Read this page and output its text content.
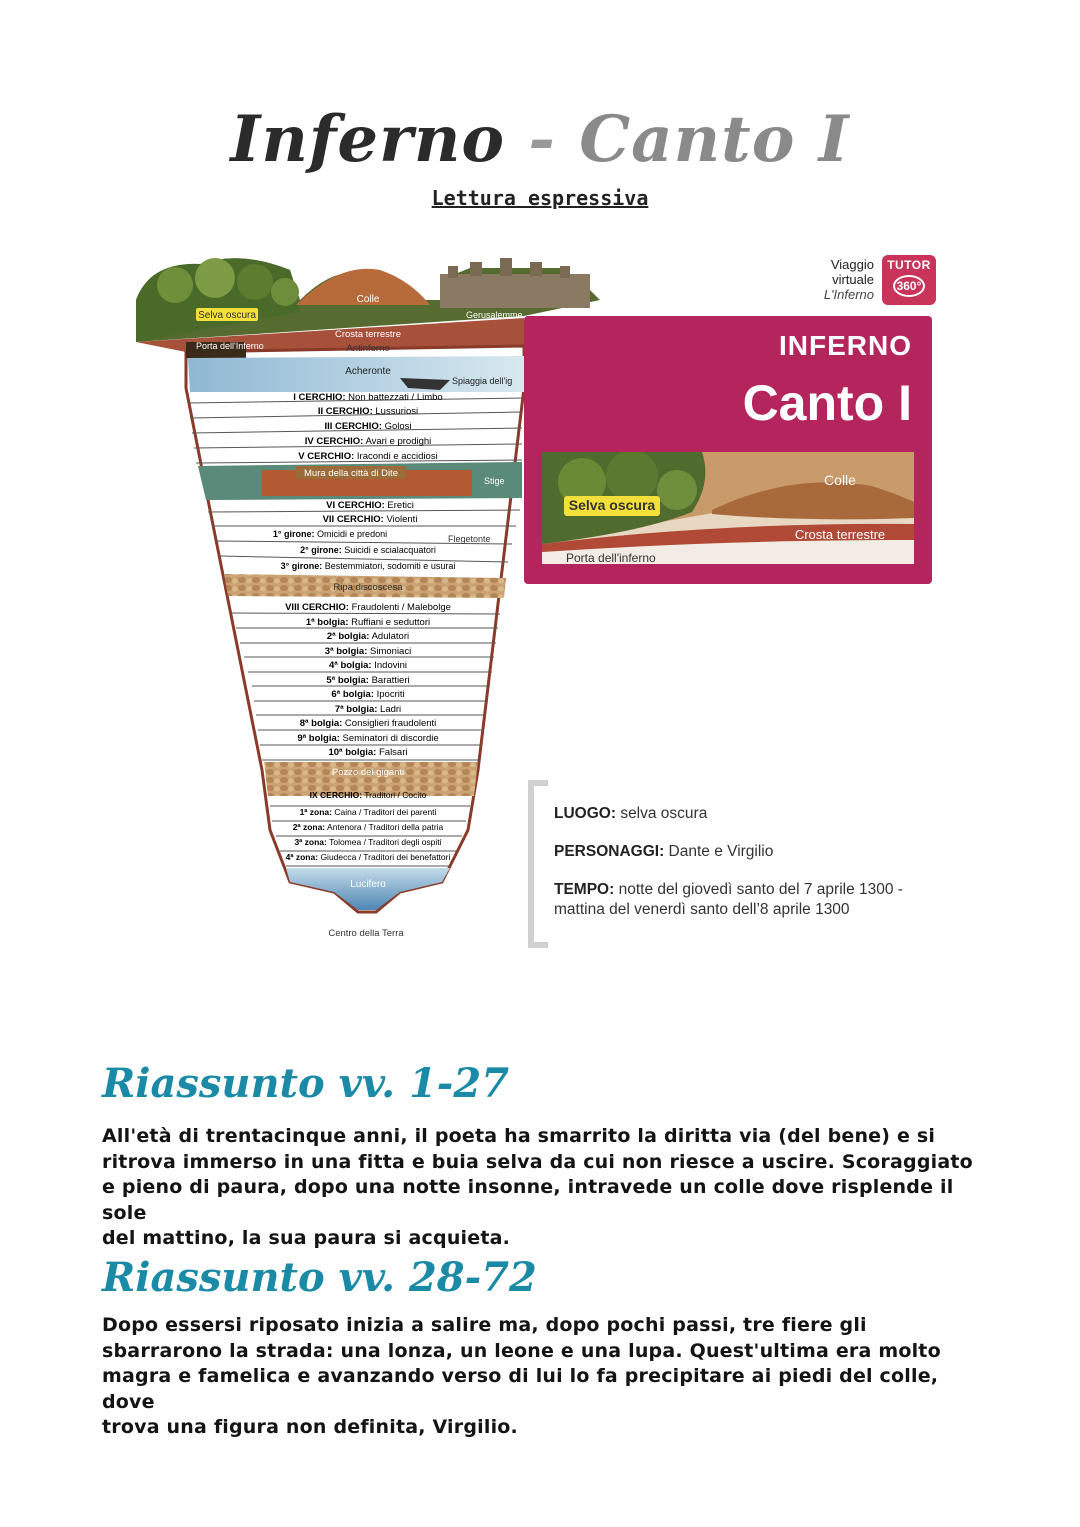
Inferno - Canto I
Lettura espressiva
Selva oscura
Colle
Gerusalemme
Crosta terrestre
Porta dell'Inferno	Antinferno
Acheronte
Spiaggia dell'ig
I CERCHIO: Non battezzati / Limbo
II CERCHIO: Lussuriosi
III CERCHIO: Golosi
IV CERCHIO: Avari e prodighi
V CERCHIO: Iracondi e accidiosi
Mura della città di Dite
Stige
VI CERCHIO: Eretici
VII CERCHIO: Violenti
1° girone: Omicidi e predoni	Flegetonte
2° girone: Suicidi e scialacquatori
3° girone: Bestemmiatori, sodomiti e usurai
Ripa discoscesa
VIII CERCHIO: Fraudolenti / Malebolge
1ª bolgia: Ruffiani e seduttori
2ª bolgia: Adulatori
3ª bolgia: Simoniaci
4ª bolgia: Indovini
5ª bolgia: Barattieri
6ª bolgia: Ipocriti
7ª bolgia: Ladri
8ª bolgia: Consiglieri fraudolenti
9ª bolgia: Seminatori di discordie
10ª bolgia: Falsari
Pozzo dei giganti
IX CERCHIO: Traditori / Cocito
1ª zona: Caina / Traditori dei parenti
2ª zona: Antenora / Traditori della patria
3ª zona: Tolomea / Traditori degli ospiti
4ª zona: Giudecca / Traditori dei benefattori
Lucifero
Centro della Terra
Viaggio
virtuale
L'Inferno
TUTOR
360°
INFERNO
Canto I
Selva oscura
Colle
Crosta terrestre
Porta dell'inferno
LUOGO: selva oscura
PERSONAGGI: Dante e Virgilio
TEMPO: notte del giovedì santo del 7 aprile 1300 -
mattina del venerdì santo dell’8 aprile 1300
Riassunto vv. 1-27
All'età di trentacinque anni, il poeta ha smarrito la diritta via (del bene) e si
ritrova immerso in una fitta e buia selva da cui non riesce a uscire. Scoraggiato
e pieno di paura, dopo una notte insonne, intravede un colle dove risplende il sole
del mattino, la sua paura si acquieta.
Riassunto vv. 28-72
Dopo essersi riposato inizia a salire ma, dopo pochi passi, tre fiere gli
sbarrarono la strada: una lonza, un leone e una lupa. Quest'ultima era molto
magra e famelica e avanzando verso di lui lo fa precipitare ai piedi del colle, dove
trova una figura non definita, Virgilio.
